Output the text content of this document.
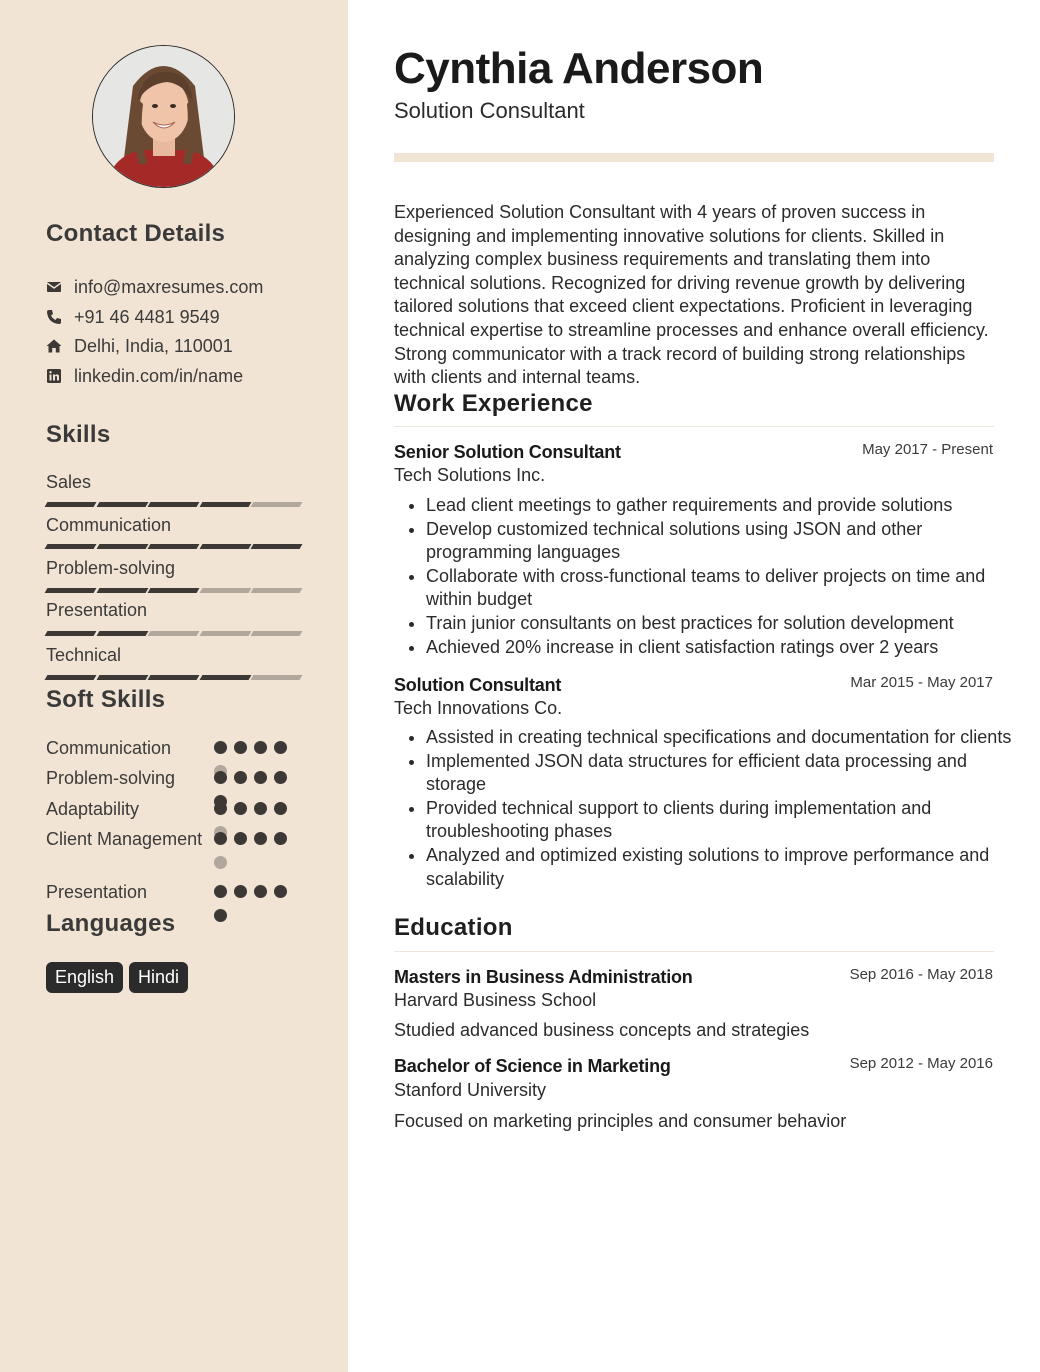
Contact Details
info@maxresumes.com
+91 46 4481 9549
Delhi, India, 110001
linkedin.com/in/name
Skills
Sales
Communication
Problem-solving
Presentation
Technical
Soft Skills
Communication
Problem-solving
Adaptability
Client Management
Presentation
Languages
English	Hindi
Cynthia Anderson
Solution Consultant

Experienced Solution Consultant with 4 years of proven success in designing and implementing innovative solutions for clients. Skilled in analyzing complex business requirements and translating them into technical solutions. Recognized for driving revenue growth by delivering tailored solutions that exceed client expectations. Proficient in leveraging technical expertise to streamline processes and enhance overall efficiency. Strong communicator with a track record of building strong relationships with clients and internal teams.

Work Experience
Senior Solution Consultant	May 2017 - Present
Tech Solutions Inc.
• Lead client meetings to gather requirements and provide solutions
• Develop customized technical solutions using JSON and other programming languages
• Collaborate with cross-functional teams to deliver projects on time and within budget
• Train junior consultants on best practices for solution development
• Achieved 20% increase in client satisfaction ratings over 2 years
Solution Consultant	Mar 2015 - May 2017
Tech Innovations Co.
• Assisted in creating technical specifications and documentation for clients
• Implemented JSON data structures for efficient data processing and storage
• Provided technical support to clients during implementation and troubleshooting phases
• Analyzed and optimized existing solutions to improve performance and scalability
Education
Masters in Business Administration	Sep 2016 - May 2018
Harvard Business School
Studied advanced business concepts and strategies
Bachelor of Science in Marketing	Sep 2012 - May 2016
Stanford University
Focused on marketing principles and consumer behavior
